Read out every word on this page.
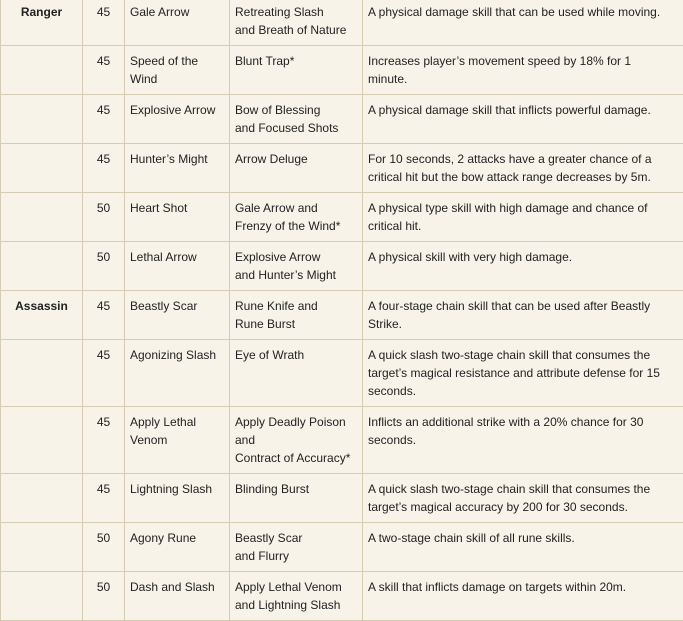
Ranger	45	Gale Arrow	Retreating Slash
and Breath of Nature	A physical damage skill that can be used while moving.
	45	Speed of the
Wind	Blunt Trap*	Increases player’s movement speed by 18% for 1
minute.
	45	Explosive Arrow	Bow of Blessing
and Focused Shots	A physical damage skill that inflicts powerful damage.
	45	Hunter’s Might	Arrow Deluge	For 10 seconds, 2 attacks have a greater chance of a
critical hit but the bow attack range decreases by 5m.
	50	Heart Shot	Gale Arrow and
Frenzy of the Wind*	A physical type skill with high damage and chance of
critical hit.
	50	Lethal Arrow	Explosive Arrow
and Hunter’s Might	A physical skill with very high damage.
Assassin	45	Beastly Scar	Rune Knife and
Rune Burst	A four-stage chain skill that can be used after Beastly
Strike.
	45	Agonizing Slash	Eye of Wrath	A quick slash two-stage chain skill that consumes the
target’s magical resistance and attribute defense for 15
seconds.
	45	Apply Lethal
Venom	Apply Deadly Poison
and
Contract of Accuracy*	Inflicts an additional strike with a 20% chance for 30
seconds.
	45	Lightning Slash	Blinding Burst	A quick slash two-stage chain skill that consumes the
target’s magical accuracy by 200 for 30 seconds.
	50	Agony Rune	Beastly Scar
and Flurry	A two-stage chain skill of all rune skills.
	50	Dash and Slash	Apply Lethal Venom
and Lightning Slash	A skill that inflicts damage on targets within 20m.
